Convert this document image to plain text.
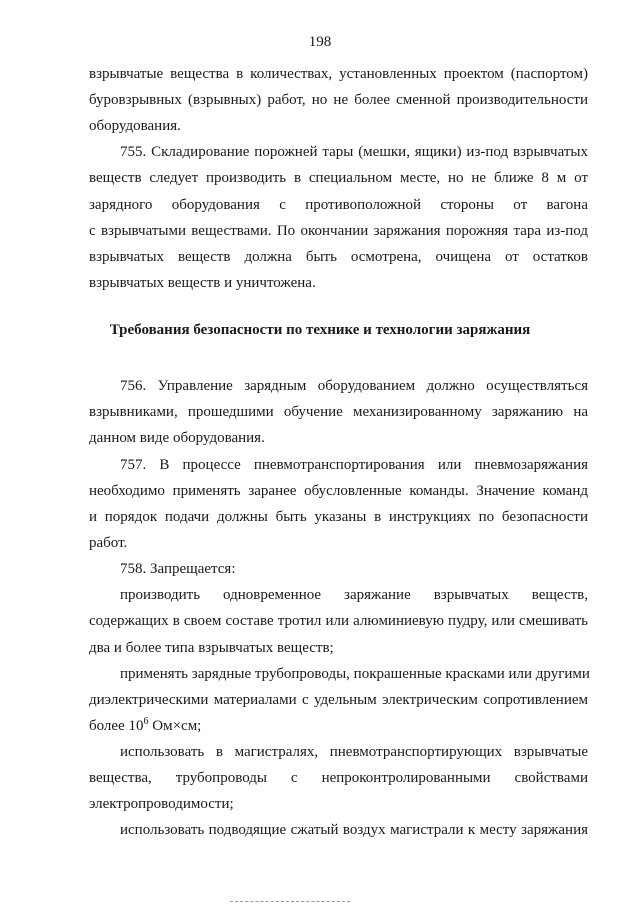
198
взрывчатые вещества в количествах, установленных проектом (паспортом)
буровзрывных (взрывных) работ, но не более сменной производительности
оборудования.
755. Складирование порожней тары (мешки, ящики) из-под взрывчатых
веществ следует производить в специальном месте, но не ближе 8 м от
зарядного оборудования с противоположной стороны от вагона
с взрывчатыми веществами. По окончании заряжания порожняя тара из-под
взрывчатых веществ должна быть осмотрена, очищена от остатков
взрывчатых веществ и уничтожена.
Требования безопасности по технике и технологии заряжания
756. Управление зарядным оборудованием должно осуществляться
взрывниками, прошедшими обучение механизированному заряжанию на
данном виде оборудования.
757. В процессе пневмотранспортирования или пневмозаряжания
необходимо применять заранее обусловленные команды. Значение команд
и порядок подачи должны быть указаны в инструкциях по безопасности
работ.
758. Запрещается:
производить одновременное заряжание взрывчатых веществ,
содержащих в своем составе тротил или алюминиевую пудру, или смешивать
два и более типа взрывчатых веществ;
применять зарядные трубопроводы, покрашенные красками или другими
диэлектрическими материалами с удельным электрическим сопротивлением
более $10^6$ Ом×см;
использовать в магистралях, пневмотранспортирующих взрывчатые
вещества, трубопроводы с непроконтролированными свойствами
электропроводимости;
использовать подводящие сжатый воздух магистрали к месту заряжания
